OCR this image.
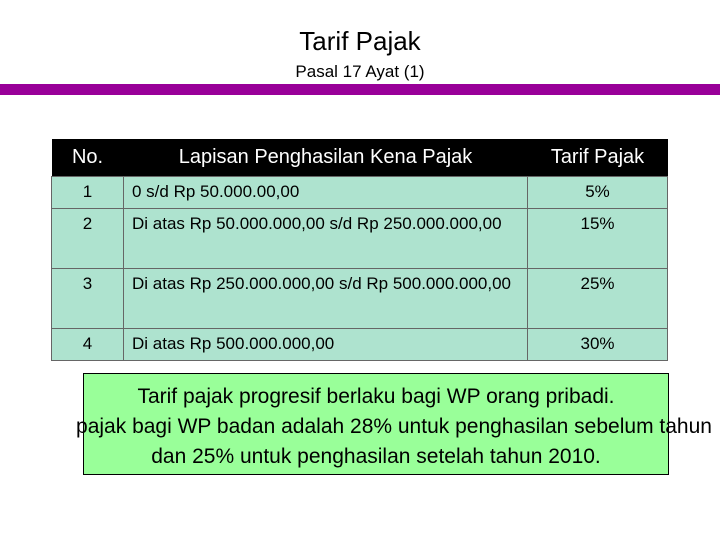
Tarif Pajak
Pasal 17 Ayat (1)
No.	Lapisan Penghasilan Kena Pajak	Tarif Pajak
1	0 s/d Rp 50.000.00,00	5%
2	Di atas Rp 50.000.000,00 s/d Rp 250.000.000,00	15%
3	Di atas Rp 250.000.000,00 s/d Rp 500.000.000,00	25%
4	Di atas Rp 500.000.000,00	30%
Tarif pajak progresif berlaku bagi WP orang pribadi.
pajak bagi WP badan adalah 28% untuk penghasilan sebelum tahun
dan 25% untuk penghasilan setelah tahun 2010.
